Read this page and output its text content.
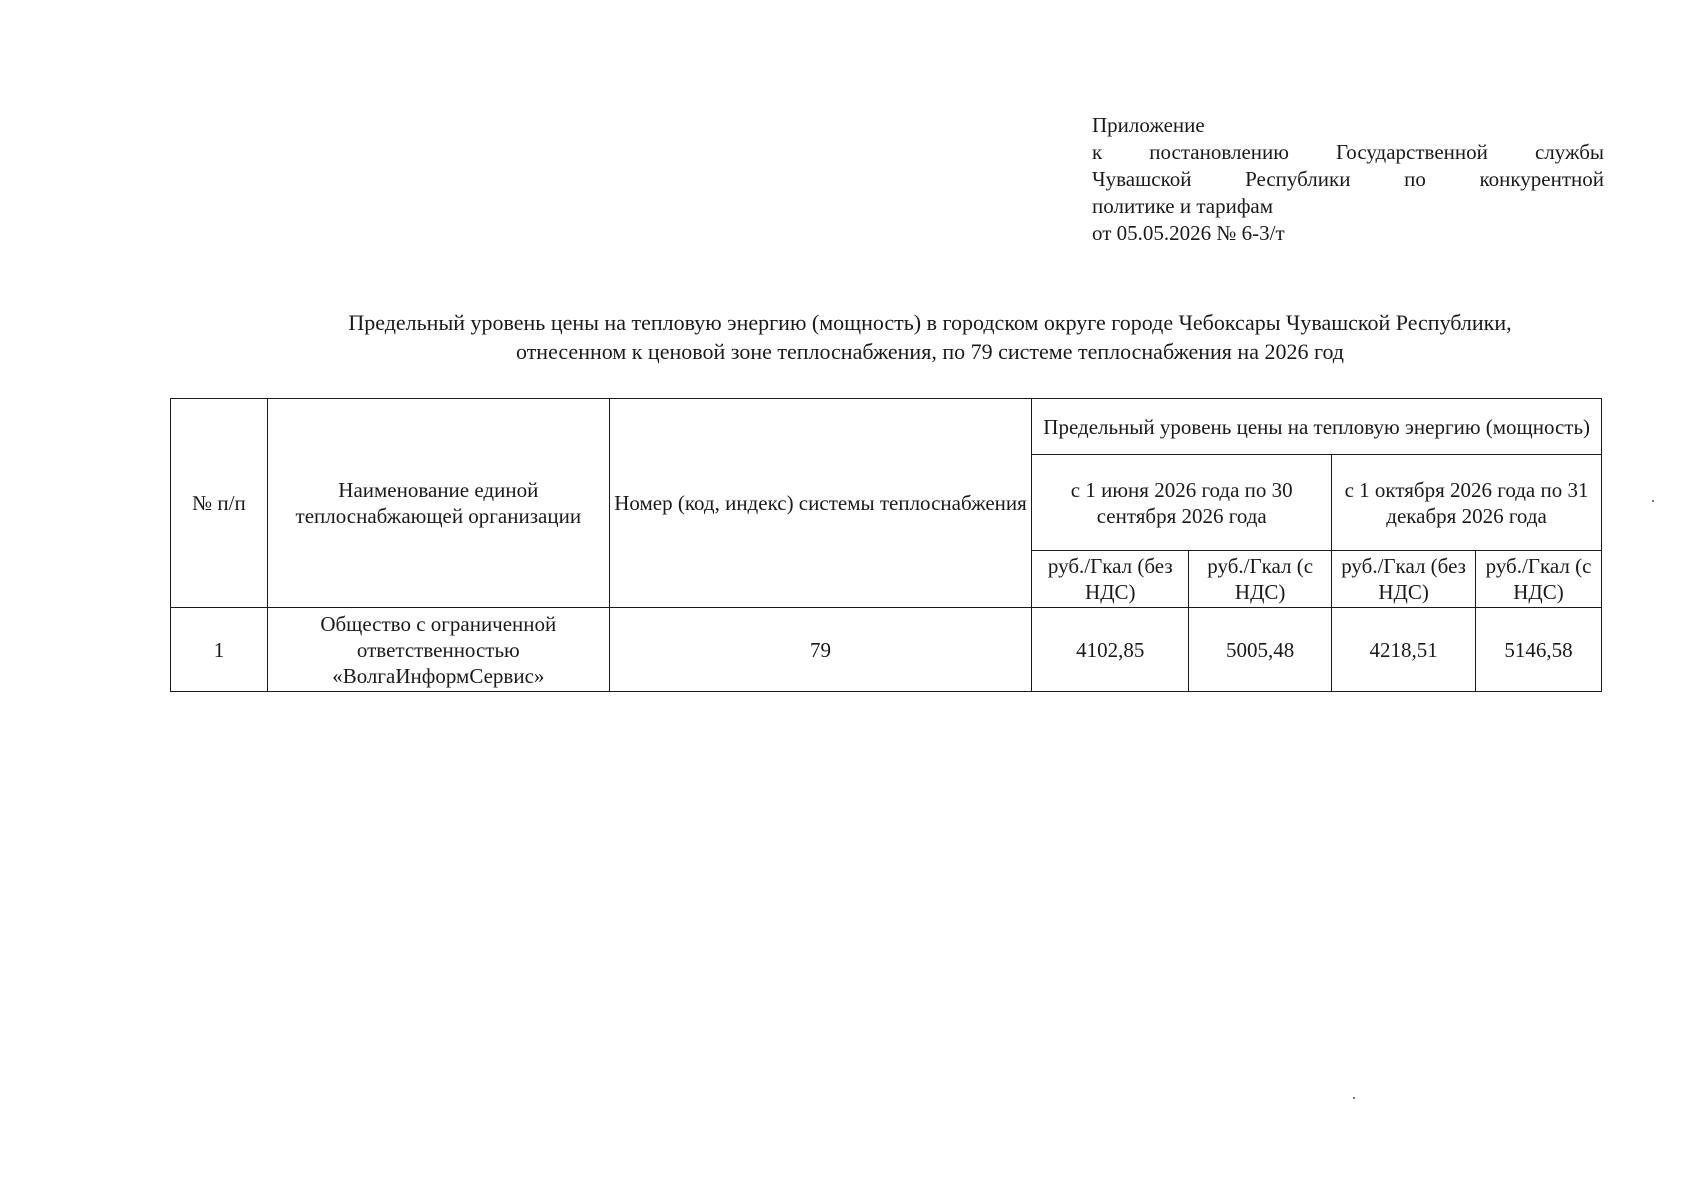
Приложение
к постановлению Государственной службы
Чувашской Республики по конкурентной
политике и тарифам
от 05.05.2026 № 6-3/т
Предельный уровень цены на тепловую энергию (мощность) в городском округе городе Чебоксары Чувашской Республики,
отнесенном к ценовой зоне теплоснабжения, по 79 системе теплоснабжения на 2026 год
№ п/п	Наименование единой теплоснабжающей организации	Номер (код, индекс) системы теплоснабжения	Предельный уровень цены на тепловую энергию (мощность)			
			с 1 июня 2026 года по 30 сентября 2026 года		с 1 октября 2026 года по 31 декабря 2026 года	
			руб./Гкал (без НДС)	руб./Гкал (с НДС)	руб./Гкал (без НДС)	руб./Гкал (с НДС)
1	Общество с ограниченной ответственностью «ВолгаИнформСервис»	79	4102,85	5005,48	4218,51	5146,58
